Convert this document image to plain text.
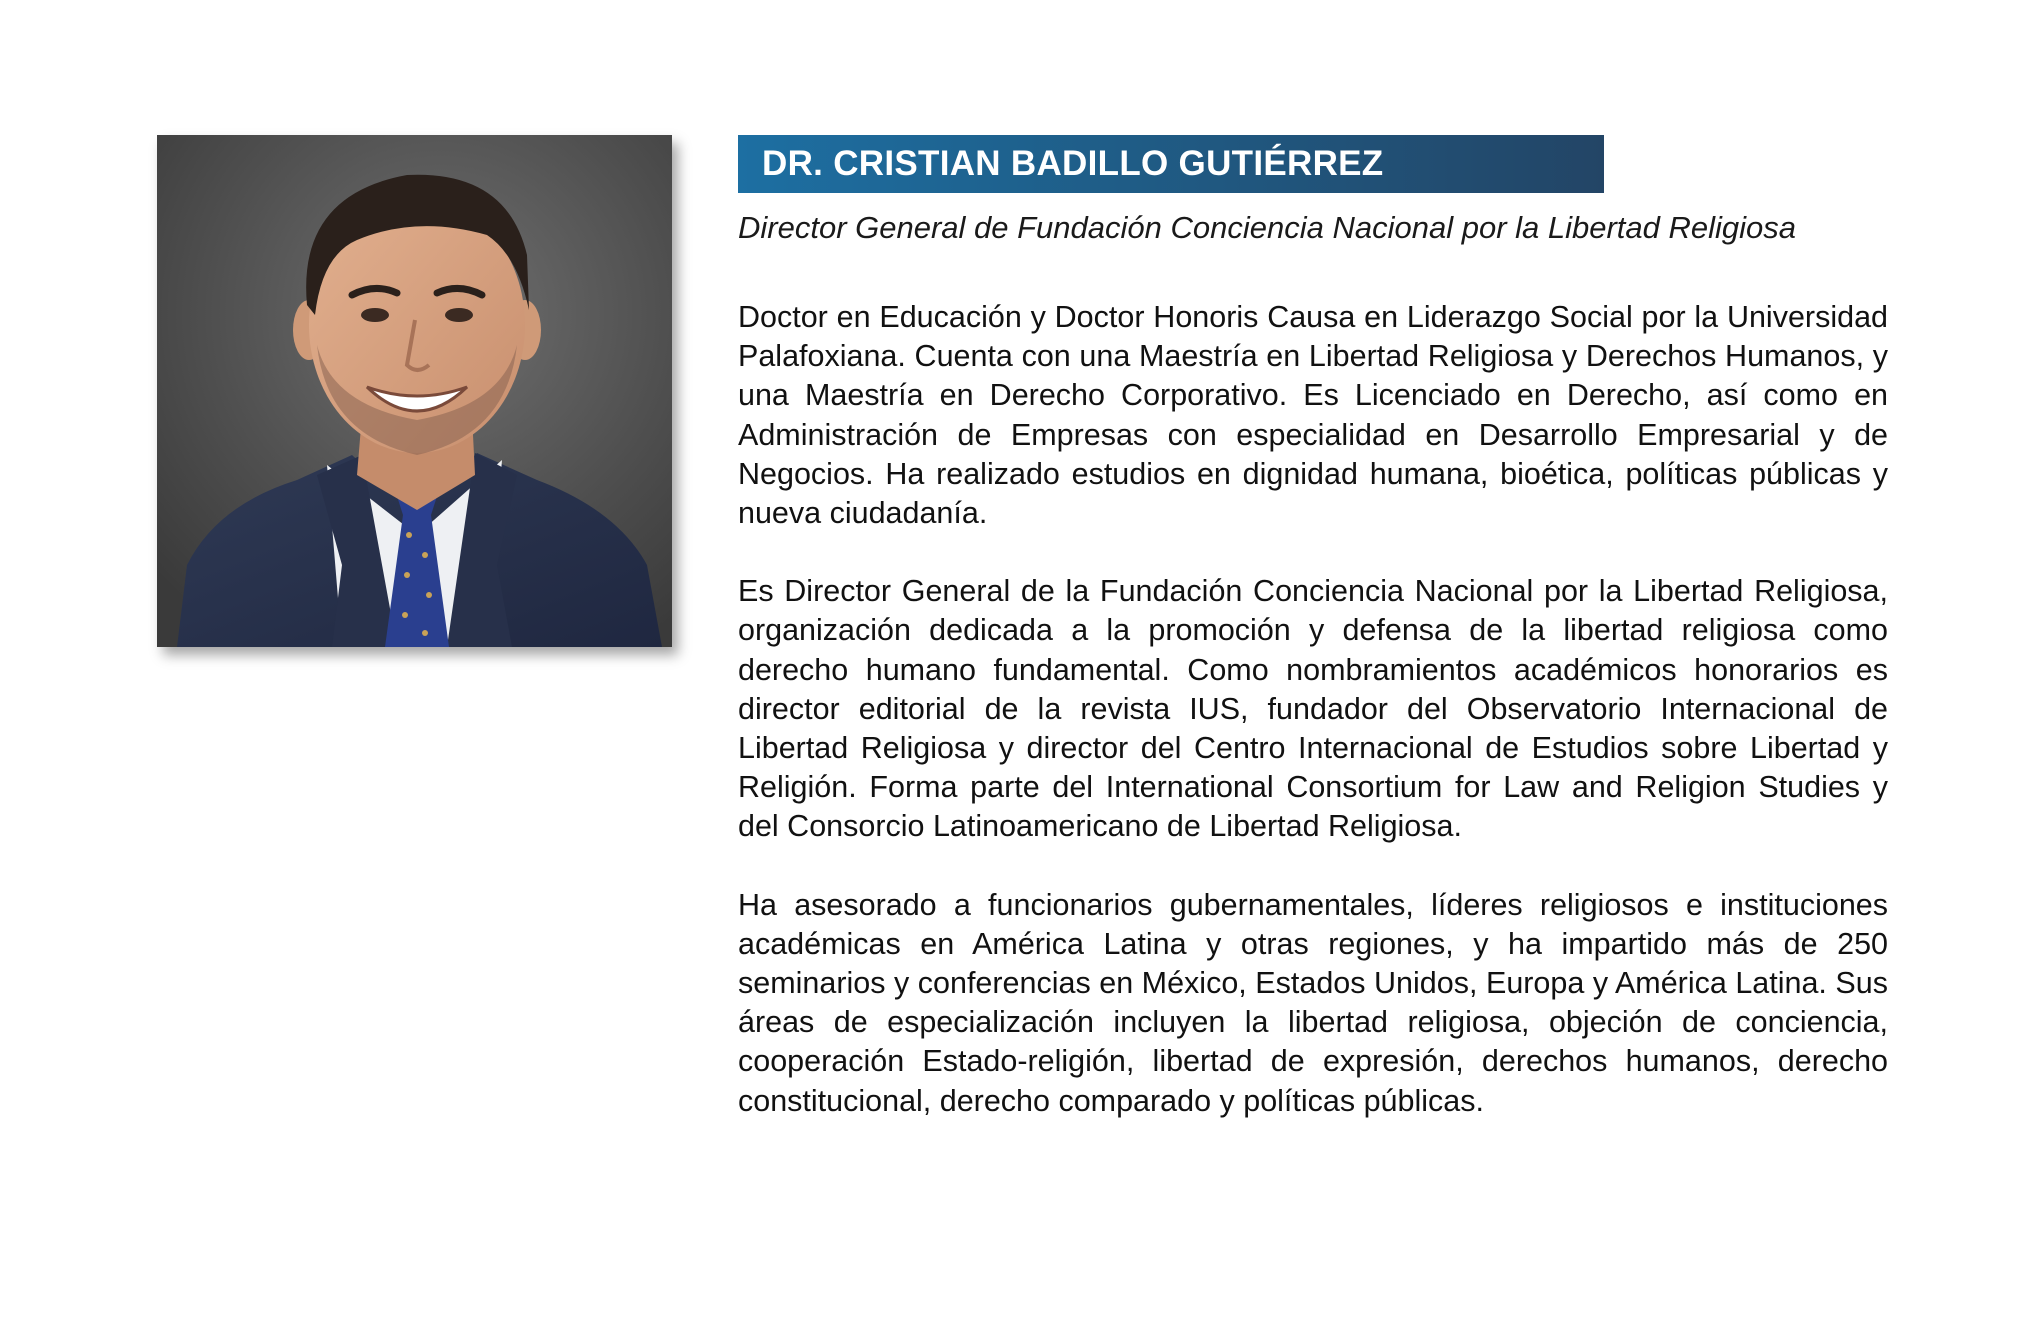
DR. CRISTIAN BADILLO GUTIÉRREZ
Director General de Fundación Conciencia Nacional por la Libertad Religiosa

Doctor en Educación y Doctor Honoris Causa en Liderazgo Social por la Universidad Palafoxiana. Cuenta con una Maestría en Libertad Religiosa y Derechos Humanos, y una Maestría en Derecho Corporativo. Es Licenciado en Derecho, así como en Administración de Empresas con especialidad en Desarrollo Empresarial y de Negocios. Ha realizado estudios en dignidad humana, bioética, políticas públicas y nueva ciudadanía.

Es Director General de la Fundación Conciencia Nacional por la Libertad Religiosa, organización dedicada a la promoción y defensa de la libertad religiosa como derecho humano fundamental. Como nombramientos académicos honorarios es director editorial de la revista IUS, fundador del Observatorio Internacional de Libertad Religiosa y director del Centro Internacional de Estudios sobre Libertad y Religión. Forma parte del International Consortium for Law and Religion Studies y del Consorcio Latinoamericano de Libertad Religiosa.

Ha asesorado a funcionarios gubernamentales, líderes religiosos e instituciones académicas en América Latina y otras regiones, y ha impartido más de 250 seminarios y conferencias en México, Estados Unidos, Europa y América Latina. Sus áreas de especialización incluyen la libertad religiosa, objeción de conciencia, cooperación Estado-religión, libertad de expresión, derechos humanos, derecho constitucional, derecho comparado y políticas públicas.
